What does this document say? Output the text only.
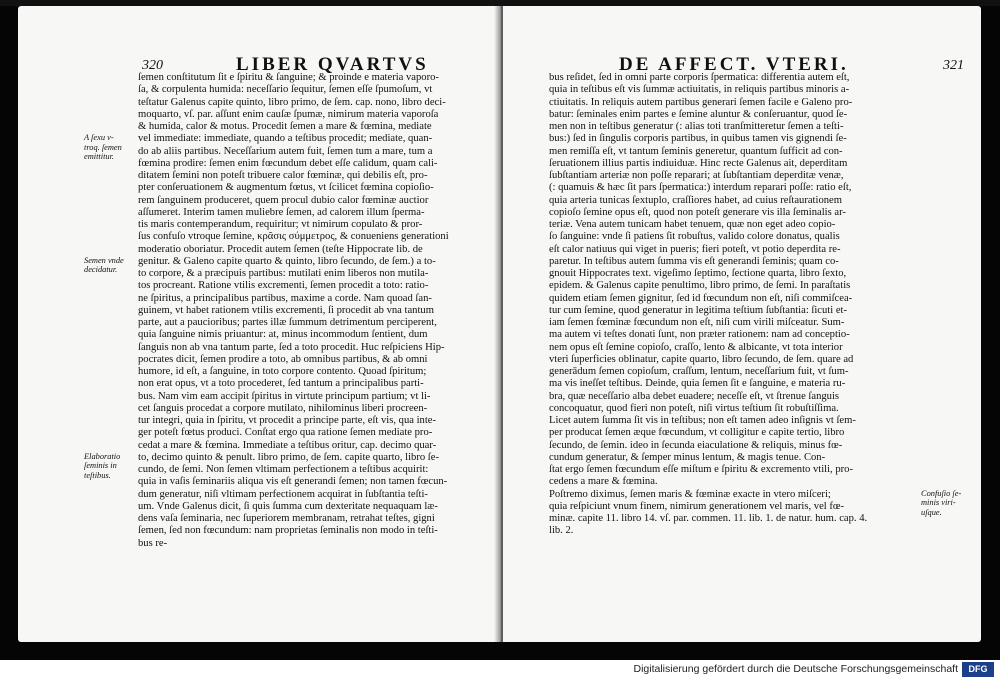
320	LIBER QVARTVS
ſemen conſtitutum ſit e ſpiritu & ſanguine; & proinde e materia vaporo-
ſa, & corpulenta humida: neceſſario ſequitur, ſemen eſſe ſpumoſum, vt
teſtatur Galenus capite quinto, libro primo, de ſem. cap. nono, libro deci-
moquarto, vſ. par. aſſunt enim cauſæ ſpumæ, nimirum materia vaporoſa
& humida, calor & motus. Procedit ſemen a mare & fœmina, mediate
vel immediate: immediate, quando a teſtibus procedit; mediate, quan-
do ab aliis partibus. Neceſſarium autem fuit, ſemen tum a mare, tum a
fœmina prodire: ſemen enim fœcundum debet eſſe calidum, quam cali-
ditatem ſemini non poteſt tribuere calor fœminæ, qui debilis eſt, pro-
pter conſeruationem & augmentum fœtus, vt ſcilicet fœmina copioſio-
rem ſanguinem produceret, quem procul dubio calor fœminæ auctior
aſſumeret. Interim tamen muliebre ſemen, ad calorem illum ſperma-
tis maris contemperandum, requiritur; vt nimirum copulato & pror-
ſus confuſo vtroque ſemine, κρᾶσις σύμμετρος, & conueniens generationi
moderatio oboriatur. Procedit autem ſemen (teſte Hippocrate lib. de
genitur. & Galeno capite quarto & quinto, libro ſecundo, de ſem.) a to-
to corpore, & a præcipuis partibus: mutilati enim liberos non mutila-
tos procreant. Ratione vtilis excrementi, ſemen procedit a toto: ratio-
ne ſpiritus, a principalibus partibus, maxime a corde. Nam quoad ſan-
guinem, vt habet rationem vtilis excrementi, ſi procedit ab vna tantum
parte, aut a paucioribus; partes illæ ſummum detrimentum perciperent,
quia ſanguine nimis priuantur: at, minus incommodum ſentient, dum
ſanguis non ab vna tantum parte, ſed a toto procedit. Huc reſpiciens Hip-
pocrates dicit, ſemen prodire a toto, ab omnibus partibus, & ab omni
humore, id eſt, a ſanguine, in toto corpore contento. Quoad ſpiritum;
non erat opus, vt a toto procederet, ſed tantum a principalibus parti-
bus. Nam vim eam accipit ſpiritus in virtute principum partium; vt li-
cet ſanguis procedat a corpore mutilato, nihilominus liberi procreen-
tur integri, quia in ſpiritu, vt procedit a principe parte, eſt vis, qua inte-
ger poteſt fœtus produci. Conſtat ergo qua ratione ſemen mediate pro-
cedat a mare & fœmina. Immediate a teſtibus oritur, cap. decimo quar-
to, decimo quinto & penult. libro primo, de ſem. capite quarto, libro ſe-
cundo, de ſemi. Non ſemen vltimam perfectionem a teſtibus acquirit:
quia in vaſis ſeminariis aliqua vis eſt generandi ſemen; non tamen fœcun-
dum generatur, niſi vltimam perfectionem acquirat in ſubſtantia teſti-
um. Vnde Galenus dicit, ſi quis ſumma cum dexteritate nequaquam læ-
dens vaſa ſeminaria, nec ſuperiorem membranam, retrahat teſtes, gigni
ſemen, ſed non fœcundum: nam proprietas ſeminalis non modo in teſti-
bus re-
A ſexu v-
troq. ſemen
emittitur.
Semen vnde
decidatur.
Elaboratio
ſeminis in
teſtibus.
DE AFFECT. VTERI.	321
bus reſidet, ſed in omni parte corporis ſpermatica: differentia autem eſt,
quia in teſtibus eſt vis ſummæ actiuitatis, in reliquis partibus minoris a-
ctiuitatis. In reliquis autem partibus generari ſemen facile e Galeno pro-
batur: ſeminales enim partes e ſemine aluntur & conſeruantur, quod ſe-
men non in teſtibus generatur (: alias toti tranſmitteretur ſemen a teſti-
bus:) ſed in ſingulis corporis partibus, in quibus tamen vis gignendi ſe-
men remiſſa eſt, vt tantum ſeminis generetur, quantum ſufficit ad con-
ſeruationem illius partis indiuiduæ. Hinc recte Galenus ait, deperditam
ſubſtantiam arteriæ non poſſe reparari; at ſubſtantiam deperditæ venæ,
(: quamuis & hæc ſit pars ſpermatica:) interdum reparari poſſe: ratio eſt,
quia arteria tunicas ſextuplo, craſſiores habet, ad cuius reſtaurationem
copioſo ſemine opus eſt, quod non poteſt generare vis illa ſeminalis ar-
teriæ. Vena autem tunicam habet tenuem, quæ non eget adeo copio-
ſo ſanguine: vnde ſi patiens ſit robuſtus, valido colore donatus, qualis
eſt calor natiuus qui viget in pueris; fieri poteſt, vt potio deperdita re-
paretur. In teſtibus autem ſumma vis eſt generandi ſeminis; quam co-
gnouit Hippocrates text. vigeſimo ſeptimo, ſectione quarta, libro ſexto,
epidem. & Galenus capite penultimo, libro primo, de ſemi. In paraſtatis
quidem etiam ſemen gignitur, ſed id fœcundum non eſt, niſi commiſcea-
tur cum ſemine, quod generatur in legitima teſtium ſubſtantia: ſicuti et-
iam ſemen fœminæ fœcundum non eſt, niſi cum virili miſceatur. Sum-
ma autem vi teſtes donati ſunt, non præter rationem: nam ad conceptio-
nem opus eſt ſemine copioſo, craſſo, lento & albicante, vt tota interior
vteri ſuperficies oblinatur, capite quarto, libro ſecundo, de ſem. quare ad
generādum ſemen copioſum, craſſum, lentum, neceſſarium fuit, vt ſum-
ma vis ineſſet teſtibus. Deinde, quia ſemen ſit e ſanguine, e materia ru-
bra, quæ neceſſario alba debet euadere; neceſſe eſt, vt ſtrenue ſanguis
concoquatur, quod fieri non poteſt, niſi virtus teſtium ſit robuſtiſſima.
Licet autem ſumma ſit vis in teſtibus; non eſt tamen adeo inſignis vt ſem-
per producat ſemen æque fœcundum, vt colligitur e capite tertio, libro
ſecundo, de ſemin. ideo in ſecunda eiaculatione & reliquis, minus fœ-
cundum generatur, & ſemper minus lentum, & magis tenue. Con-
ſtat ergo ſemen fœcundum eſſe miſtum e ſpiritu & excremento vtili, pro-
cedens a mare & fœmina.
Poſtremo diximus, ſemen maris & fœminæ exacte in vtero miſceri;
quia reſpiciunt vnum finem, nimirum generationem vel maris, vel fœ-
minæ. capite 11. libro 14. vſ. par. commen. 11. lib. 1. de natur. hum. cap. 4.
lib. 2.
Confuſio ſe-
minis viri-
uſque.
Digitalisierung gefördert durch die Deutsche Forschungsgemeinschaft	DFG
